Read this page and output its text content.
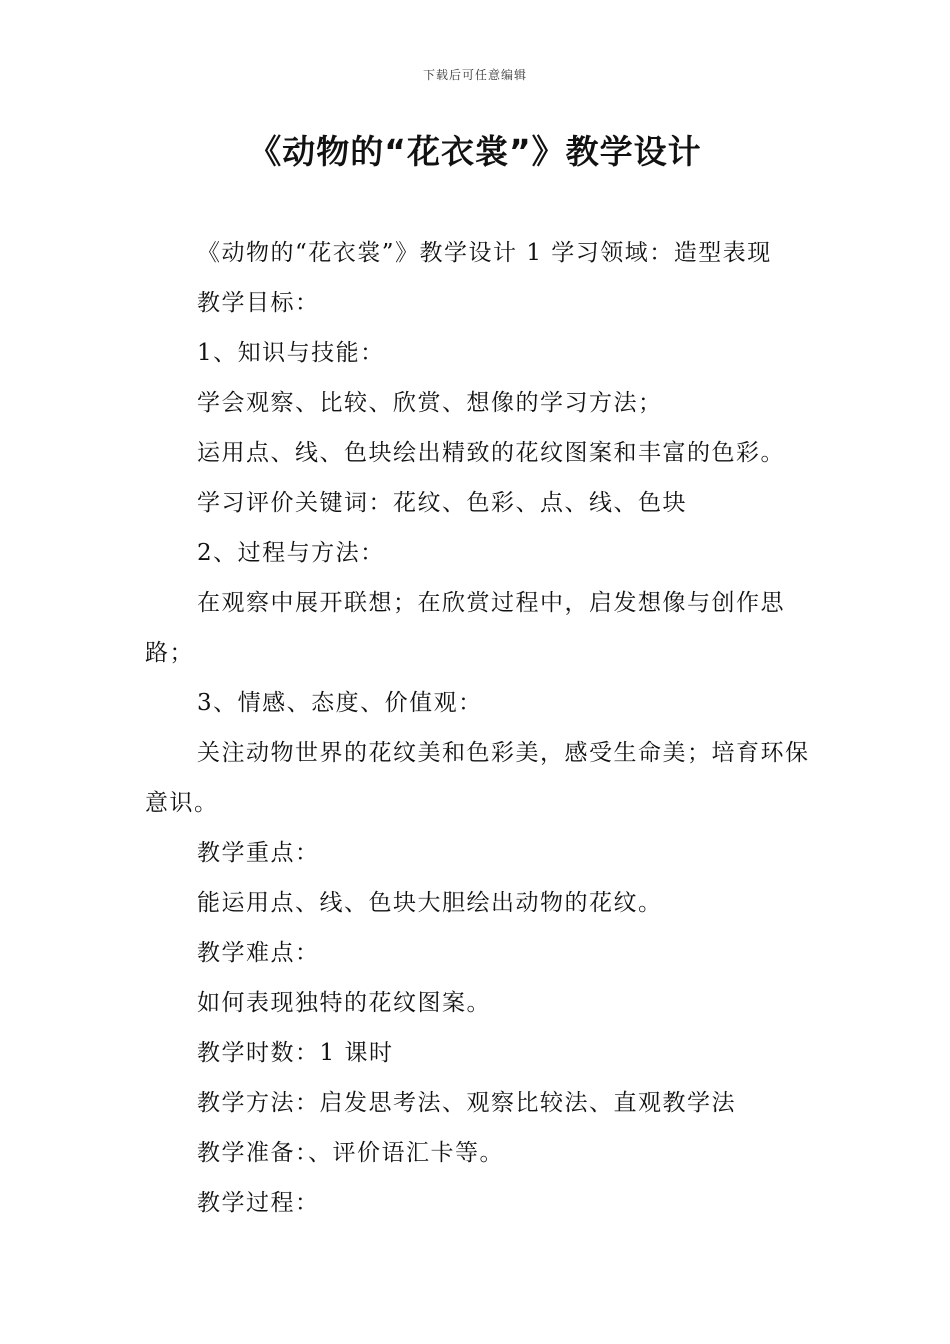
下载后可任意编辑
《动物的“花衣裳”》教学设计

《动物的“花衣裳”》教学设计 1 学习领域：造型表现

教学目标：

1、知识与技能：

学会观察、比较、欣赏、想像的学习方法；

运用点、线、色块绘出精致的花纹图案和丰富的色彩。

学习评价关键词：花纹、色彩、点、线、色块

2、过程与方法：

在观察中展开联想；在欣赏过程中，启发想像与创作思路；

3、情感、态度、价值观：

关注动物世界的花纹美和色彩美，感受生命美；培育环保意识。

教学重点：

能运用点、线、色块大胆绘出动物的花纹。

教学难点：

如何表现独特的花纹图案。

教学时数：1 课时

教学方法：启发思考法、观察比较法、直观教学法

教学准备：、评价语汇卡等。

教学过程：
